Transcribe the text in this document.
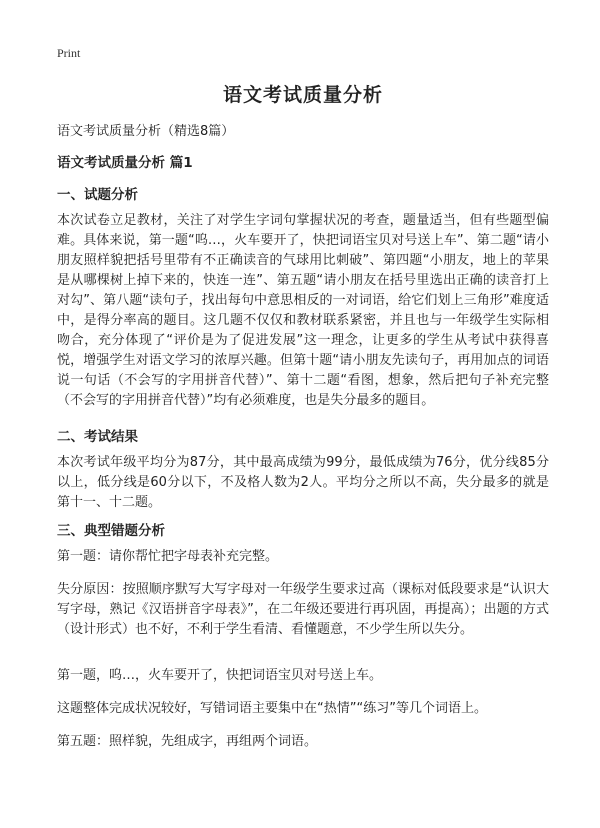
Print
语文考试质量分析
语文考试质量分析（精选8篇）
语文考试质量分析 篇1
一、试题分析
本次试卷立足教材，关注了对学生字词句掌握状况的考查，题量适当，但有些题型偏难。具体来说，第一题“呜…，火车要开了，快把词语宝贝对号送上车”、第二题“请小朋友照样貌把括号里带有不正确读音的气球用比刺破”、第四题“小朋友，地上的苹果是从哪棵树上掉下来的，快连一连”、第五题“请小朋友在括号里选出正确的读音打上对勾”、第八题“读句子，找出每句中意思相反的一对词语，给它们划上三角形”难度适中，是得分率高的题目。这几题不仅仅和教材联系紧密，并且也与一年级学生实际相吻合，充分体现了“评价是为了促进发展”这一理念，让更多的学生从考试中获得喜悦，增强学生对语文学习的浓厚兴趣。但第十题“请小朋友先读句子，再用加点的词语说一句话（不会写的字用拼音代替）”、第十二题“看图，想象，然后把句子补充完整（不会写的字用拼音代替）”均有必须难度，也是失分最多的题目。
二、考试结果
本次考试年级平均分为87分，其中最高成绩为99分，最低成绩为76分，优分线85分以上，低分线是60分以下，不及格人数为2人。平均分之所以不高，失分最多的就是第十一、十二题。
三、典型错题分析
第一题：请你帮忙把字母表补充完整。
失分原因：按照顺序默写大写字母对一年级学生要求过高（课标对低段要求是“认识大写字母，熟记《汉语拼音字母表》”，在二年级还要进行再巩固，再提高）；出题的方式（设计形式）也不好，不利于学生看清、看懂题意，不少学生所以失分。
第一题，呜…，火车要开了，快把词语宝贝对号送上车。
这题整体完成状况较好，写错词语主要集中在“热情”“练习”等几个词语上。
第五题：照样貌，先组成字，再组两个词语。
